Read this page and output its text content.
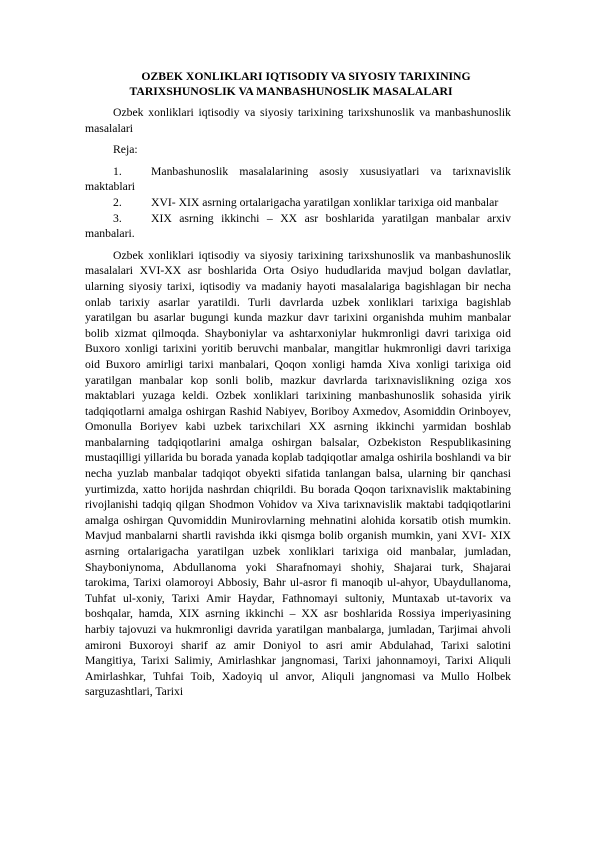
OZBEK XONLIKLARI IQTISODIY VA SIYOSIY TARIXINING
TARIXSHUNOSLIK VA MANBASHUNOSLIK MASALALARI

Ozbek xonliklari iqtisodiy va siyosiy tarixining tarixshunoslik va manbashunoslik masalalari

Reja:

1. Manbashunoslik masalalarining asosiy xususiyatlari va tarixnavislik maktablari

2. XVI- XIX asrning ortalarigacha yaratilgan xonliklar tarixiga oid manbalar

3. XIX asrning ikkinchi – XX asr boshlarida yaratilgan manbalar arxiv manbalari.

Ozbek xonliklari iqtisodiy va siyosiy tarixining tarixshunoslik va manbashunoslik masalalari XVI-XX asr boshlarida Orta Osiyo hududlarida mavjud bolgan davlatlar, ularning siyosiy tarixi, iqtisodiy va madaniy hayoti masalalariga bagishlagan bir necha onlab tarixiy asarlar yaratildi. Turli davrlarda uzbek xonliklari tarixiga bagishlab yaratilgan bu asarlar bugungi kunda mazkur davr tarixini organishda muhim manbalar bolib xizmat qilmoqda. Shayboniylar va ashtarxoniylar hukmronligi davri tarixiga oid Buxoro xonligi tarixini yoritib beruvchi manbalar, mangitlar hukmronligi davri tarixiga oid Buxoro amirligi tarixi manbalari, Qoqon xonligi hamda Xiva xonligi tarixiga oid yaratilgan manbalar kop sonli bolib, mazkur davrlarda tarixnavislikning oziga xos maktablari yuzaga keldi. Ozbek xonliklari tarixining manbashunoslik sohasida yirik tadqiqotlarni amalga oshirgan Rashid Nabiyev, Boriboy Axmedov, Asomiddin Orinboyev, Omonulla Boriyev kabi uzbek tarixchilari XX asrning ikkinchi yarmidan boshlab manbalarning tadqiqotlarini amalga oshirgan balsalar, Ozbekiston Respublikasining mustaqilligi yillarida bu borada yanada koplab tadqiqotlar amalga oshirila boshlandi va bir necha yuzlab manbalar tadqiqot obyekti sifatida tanlangan balsa, ularning bir qanchasi yurtimizda, xatto horijda nashrdan chiqrildi. Bu borada Qoqon tarixnavislik maktabining rivojlanishi tadqiq qilgan Shodmon Vohidov va Xiva tarixnavislik maktabi tadqiqotlarini amalga oshirgan Quvomiddin Munirovlarning mehnatini alohida korsatib otish mumkin. Mavjud manbalarni shartli ravishda ikki qismga bolib organish mumkin, yani XVI- XIX asrning ortalarigacha yaratilgan uzbek xonliklari tarixiga oid manbalar, jumladan, Shayboniynoma, Abdullanoma yoki Sharafnomayi shohiy, Shajarai turk, Shajarai tarokima, Tarixi olamoroyi Abbosiy, Bahr ul-asror fi manoqib ul-ahyor, Ubaydullanoma, Tuhfat ul-xoniy, Tarixi Amir Haydar, Fathnomayi sultoniy, Muntaxab ut-tavorix va boshqalar, hamda, XIX asrning ikkinchi – XX asr boshlarida Rossiya imperiyasining harbiy tajovuzi va hukmronligi davrida yaratilgan manbalarga, jumladan, Tarjimai ahvoli amironi Buxoroyi sharif az amir Doniyol to asri amir Abdulahad, Tarixi salotini Mangitiya, Tarixi Salimiy, Amirlashkar jangnomasi, Tarixi jahonnamoyi, Tarixi Aliquli Amirlashkar, Tuhfai Toib, Xadoyiq ul anvor, Aliquli jangnomasi va Mullo Holbek sarguzashtlari, Tarixi
